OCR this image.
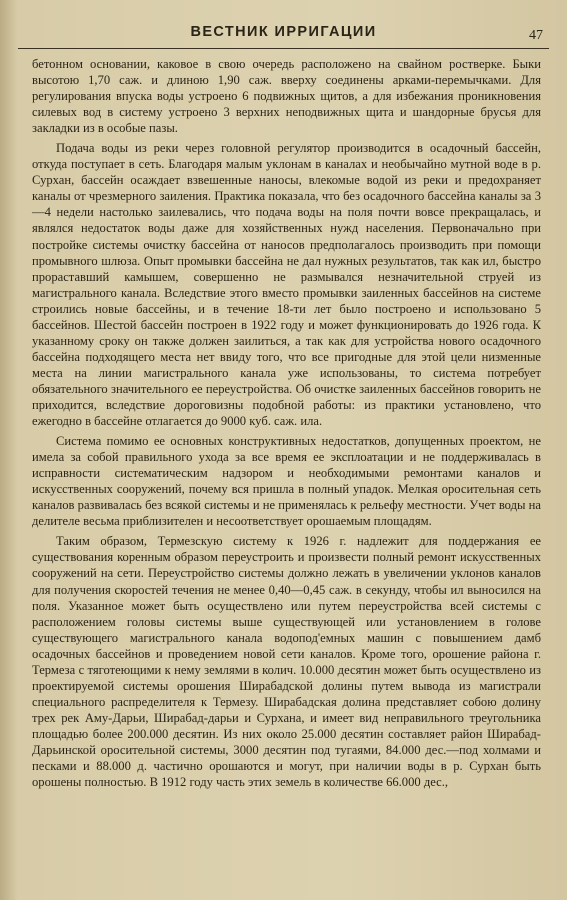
ВЕСТНИК ИРРИГАЦИИ	47

бетонном основании, каковое в свою очередь расположено на свайном ростверке. Быки высотою 1,70 саж. и длиною 1,90 саж. вверху соединены арками-перемычками. Для регулирования впуска воды устроено 6 подвижных щитов, а для избежания проникновения силевых вод в систему устроено 3 верхних неподвижных щита и шандорные брусья для закладки из в особые пазы.

Подача воды из реки через головной регулятор производится в осадочный бассейн, откуда поступает в сеть. Благодаря малым уклонам в каналах и необычайно мутной воде в р. Сурхан, бассейн осаждает взвешенные наносы, влекомые водой из реки и предохраняет каналы от чрезмерного заиления. Практика показала, что без осадочного бассейна каналы за 3—4 недели настолько заилевались, что подача воды на поля почти вовсе прекращалась, и являлся недостаток воды даже для хозяйственных нужд населения. Первоначально при постройке системы очистку бассейна от наносов предполагалось производить при помощи промывного шлюза. Опыт промывки бассейна не дал нужных результатов, так как ил, быстро прораставший камышем, совершенно не размывался незначительной струей из магистрального канала. Вследствие этого вместо промывки заиленных бассейнов на системе строились новые бассейны, и в течение 18-ти лет было построено и использовано 5 бассейнов. Шестой бассейн построен в 1922 году и может функционировать до 1926 года. К указанному сроку он также должен заилиться, а так как для устройства нового осадочного бассейна подходящего места нет ввиду того, что все пригодные для этой цели низменные места на линии магистрального канала уже использованы, то система потребует обязательного значительного ее переустройства. Об очистке заиленных бассейнов говорить не приходится, вследствие дороговизны подобной работы: из практики установлено, что ежегодно в бассейне отлагается до 9000 куб. саж. ила.

Система помимо ее основных конструктивных недостатков, допущенных проектом, не имела за собой правильного ухода за все время ее эксплоатации и не поддерживалась в исправности систематическим надзором и необходимыми ремонтами каналов и искусственных сооружений, почему вся пришла в полный упадок. Мелкая оросительная сеть каналов развивалась без всякой системы и не применялась к рельефу местности. Учет воды на делителе весьма приблизителен и несоответствует орошаемым площадям.

Таким образом, Термезскую систему к 1926 г. надлежит для поддержания ее существования коренным образом переустроить и произвести полный ремонт искусственных сооружений на сети. Переустройство системы должно лежать в увеличении уклонов каналов для получения скоростей течения не менее 0,40—0,45 саж. в секунду, чтобы ил выносился на поля. Указанное может быть осуществлено или путем переустройства всей системы с расположением головы системы выше существующей или установлением в голове существующего магистрального канала водопод'емных машин с повышением дамб осадочных бассейнов и проведением новой сети каналов. Кроме того, орошение района г. Термеза с тяготеющими к нему землями в колич. 10.000 десятин может быть осуществлено из проектируемой системы орошения Ширабадской долины путем вывода из магистрали специального распределителя к Термезу. Ширабадская долина представляет собою долину трех рек Аму-Дарьи, Ширабад-дарьи и Сурхана, и имеет вид неправильного треугольника площадью более 200.000 десятин. Из них около 25.000 десятин составляет район Ширабад-Дарьинской оросительной системы, 3000 десятин под тугаями, 84.000 дес.—под холмами и песками и 88.000 д. частично орошаются и могут, при наличии воды в р. Сурхан быть орошены полностью. В 1912 году часть этих земель в количестве 66.000 дес.,
